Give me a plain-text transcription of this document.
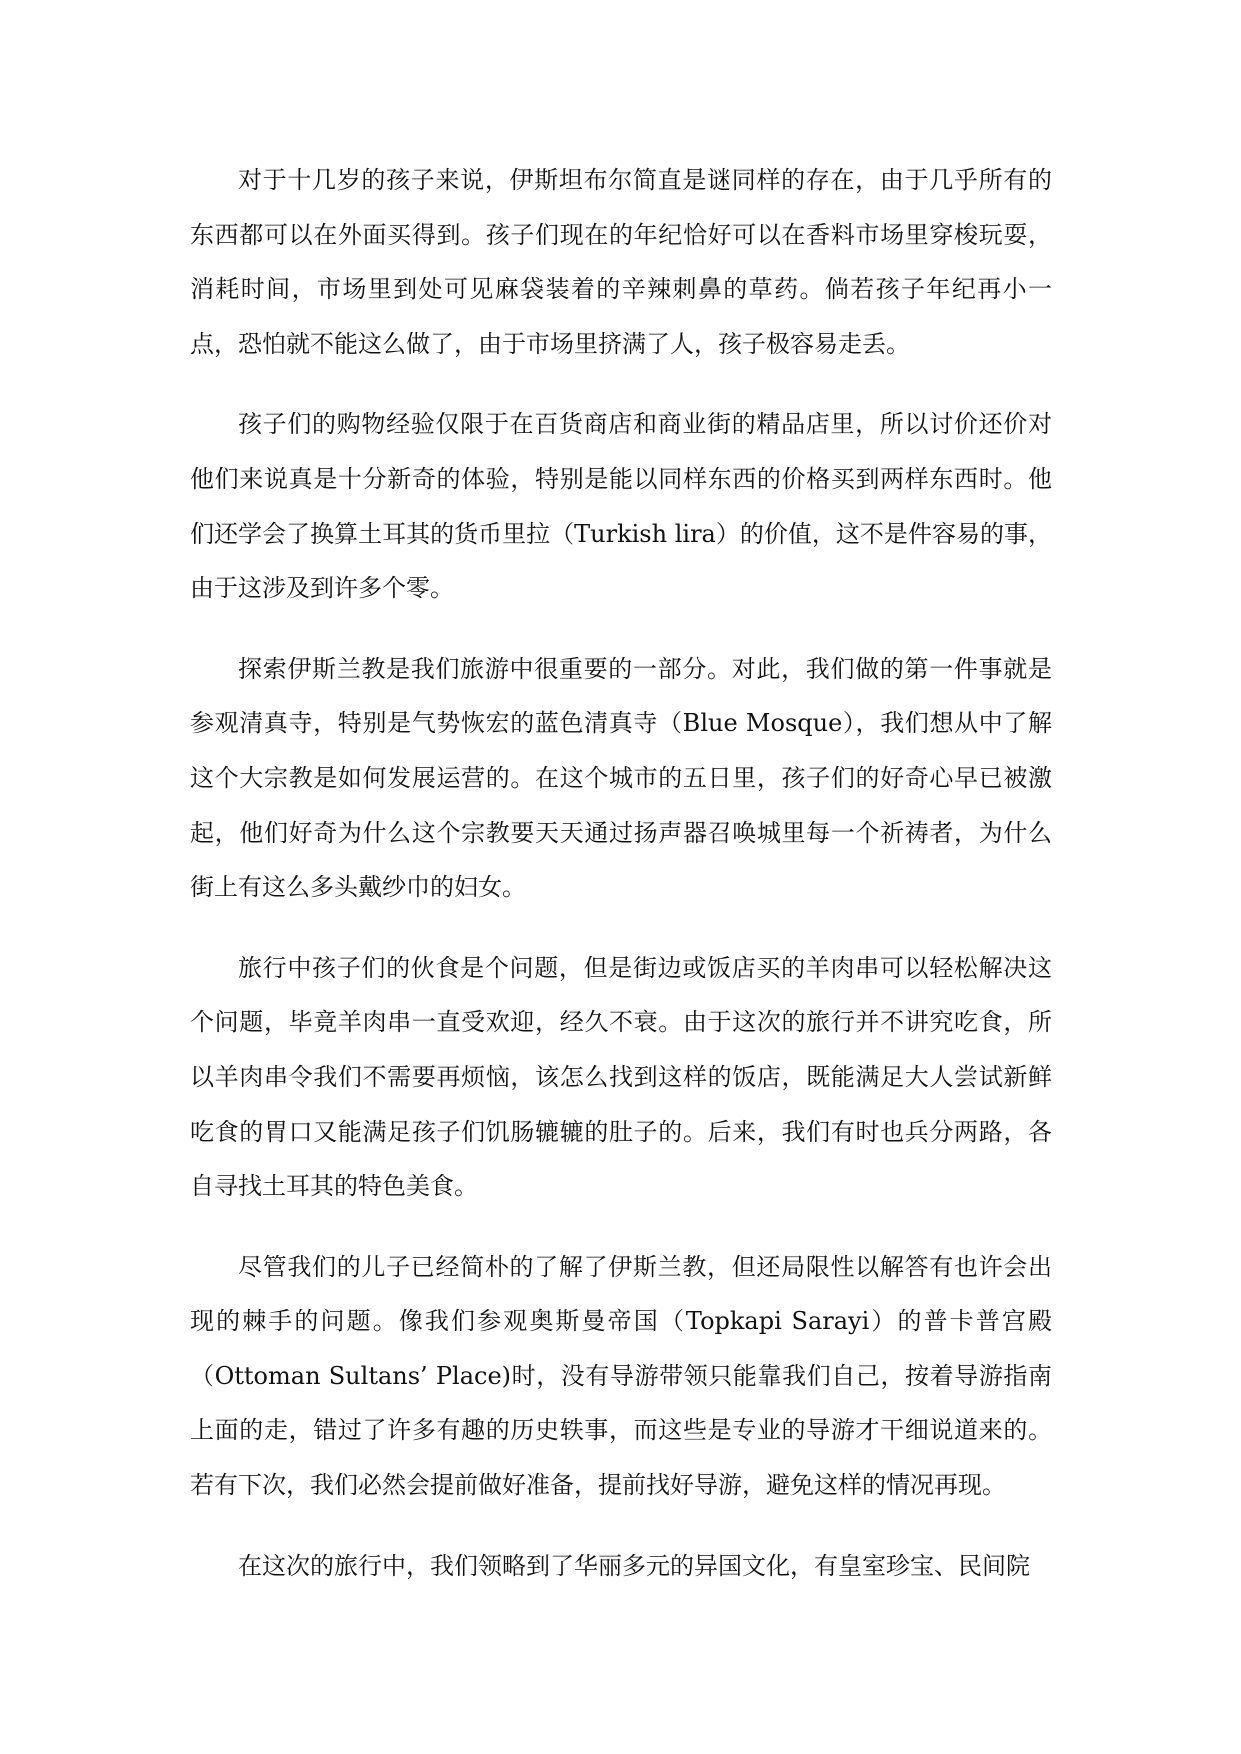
对于十几岁的孩子来说，伊斯坦布尔简直是谜同样的存在，由于几乎所有的东西都可以在外面买得到。孩子们现在的年纪恰好可以在香料市场里穿梭玩耍，消耗时间，市场里到处可见麻袋装着的辛辣刺鼻的草药。倘若孩子年纪再小一点，恐怕就不能这么做了，由于市场里挤满了人，孩子极容易走丢。

孩子们的购物经验仅限于在百货商店和商业街的精品店里，所以讨价还价对他们来说真是十分新奇的体验，特别是能以同样东西的价格买到两样东西时。他们还学会了换算土耳其的货币里拉（Turkish lira）的价值，这不是件容易的事，由于这涉及到许多个零。

探索伊斯兰教是我们旅游中很重要的一部分。对此，我们做的第一件事就是参观清真寺，特别是气势恢宏的蓝色清真寺（Blue Mosque），我们想从中了解这个大宗教是如何发展运营的。在这个城市的五日里，孩子们的好奇心早已被激起，他们好奇为什么这个宗教要天天通过扬声器召唤城里每一个祈祷者，为什么街上有这么多头戴纱巾的妇女。

旅行中孩子们的伙食是个问题，但是街边或饭店买的羊肉串可以轻松解决这个问题，毕竟羊肉串一直受欢迎，经久不衰。由于这次的旅行并不讲究吃食，所以羊肉串令我们不需要再烦恼，该怎么找到这样的饭店，既能满足大人尝试新鲜吃食的胃口又能满足孩子们饥肠辘辘的肚子的。后来，我们有时也兵分两路，各自寻找土耳其的特色美食。

尽管我们的儿子已经简朴的了解了伊斯兰教，但还局限性以解答有也许会出现的棘手的问题。像我们参观奥斯曼帝国（Topkapi Sarayi）的普卡普宫殿（Ottoman Sultans’ Place)时，没有导游带领只能靠我们自己，按着导游指南上面的走，错过了许多有趣的历史轶事，而这些是专业的导游才干细说道来的。若有下次，我们必然会提前做好准备，提前找好导游，避免这样的情况再现。

在这次的旅行中，我们领略到了华丽多元的异国文化，有皇室珍宝、民间院
